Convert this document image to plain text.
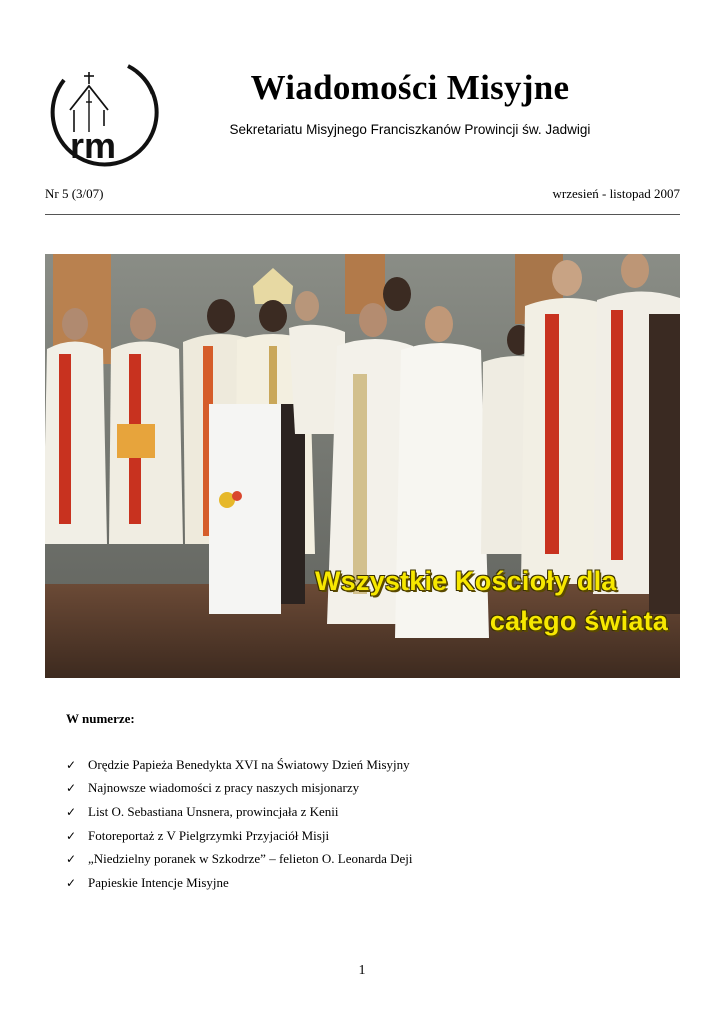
rm
Wiadomości Misyjne
Sekretariatu Misyjnego Franciszkanów Prowincji św. Jadwigi
Nr 5 (3/07)	wrzesień - listopad 2007
Wszystkie Kościoły dla
całego świata
W numerze:
✓ Orędzie Papieża Benedykta XVI na Światowy Dzień Misyjny
✓ Najnowsze wiadomości z pracy naszych misjonarzy
✓ List O. Sebastiana Unsnera, prowincjała z Kenii
✓ Fotoreportaż z V Pielgrzymki Przyjaciół Misji
✓ „Niedzielny poranek w Szkodrze” – felieton O. Leonarda Deji
✓ Papieskie Intencje Misyjne
1
